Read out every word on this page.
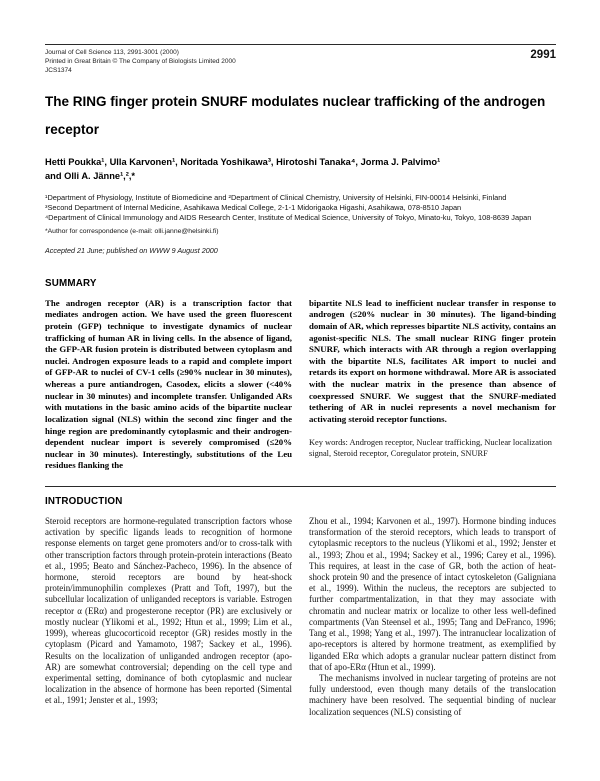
Journal of Cell Science 113, 2991-3001 (2000)
Printed in Great Britain © The Company of Biologists Limited 2000
JCS1374
2991
The RING finger protein SNURF modulates nuclear trafficking of the androgen receptor
Hetti Poukka¹, Ulla Karvonen¹, Noritada Yoshikawa³, Hirotoshi Tanaka⁴, Jorma J. Palvimo¹
and Olli A. Jänne¹,²,*
¹Department of Physiology, Institute of Biomedicine and ²Department of Clinical Chemistry, University of Helsinki, FIN-00014 Helsinki, Finland
³Second Department of Internal Medicine, Asahikawa Medical College, 2-1-1 Midorigaoka Higashi, Asahikawa, 078-8510 Japan
⁴Department of Clinical Immunology and AIDS Research Center, Institute of Medical Science, University of Tokyo, Minato-ku, Tokyo, 108-8639 Japan
*Author for correspondence (e-mail: olli.janne@helsinki.fi)
Accepted 21 June; published on WWW 9 August 2000
SUMMARY

The androgen receptor (AR) is a transcription factor that mediates androgen action. We have used the green fluorescent protein (GFP) technique to investigate dynamics of nuclear trafficking of human AR in living cells. In the absence of ligand, the GFP-AR fusion protein is distributed between cytoplasm and nuclei. Androgen exposure leads to a rapid and complete import of GFP-AR to nuclei of CV-1 cells (≥90% nuclear in 30 minutes), whereas a pure antiandrogen, Casodex, elicits a slower (<40% nuclear in 30 minutes) and incomplete transfer. Unliganded ARs with mutations in the basic amino acids of the bipartite nuclear localization signal (NLS) within the second zinc finger and the hinge region are predominantly cytoplasmic and their androgen-dependent nuclear import is severely compromised (≤20% nuclear in 30 minutes). Interestingly, substitutions of the Leu residues flanking the

bipartite NLS lead to inefficient nuclear transfer in response to androgen (≤20% nuclear in 30 minutes). The ligand-binding domain of AR, which represses bipartite NLS activity, contains an agonist-specific NLS. The small nuclear RING finger protein SNURF, which interacts with AR through a region overlapping with the bipartite NLS, facilitates AR import to nuclei and retards its export on hormone withdrawal. More AR is associated with the nuclear matrix in the presence than absence of coexpressed SNURF. We suggest that the SNURF-mediated tethering of AR in nuclei represents a novel mechanism for activating steroid receptor functions.

Key words: Androgen receptor, Nuclear trafficking, Nuclear localization signal, Steroid receptor, Coregulator protein, SNURF

INTRODUCTION

Steroid receptors are hormone-regulated transcription factors whose activation by specific ligands leads to recognition of hormone response elements on target gene promoters and/or to cross-talk with other transcription factors through protein-protein interactions (Beato et al., 1995; Beato and Sánchez-Pacheco, 1996). In the absence of hormone, steroid receptors are bound by heat-shock protein/immunophilin complexes (Pratt and Toft, 1997), but the subcellular localization of unliganded receptors is variable. Estrogen receptor α (ERα) and progesterone receptor (PR) are exclusively or mostly nuclear (Ylikomi et al., 1992; Htun et al., 1999; Lim et al., 1999), whereas glucocorticoid receptor (GR) resides mostly in the cytoplasm (Picard and Yamamoto, 1987; Sackey et al., 1996). Results on the localization of unliganded androgen receptor (apo-AR) are somewhat controversial; depending on the cell type and experimental setting, dominance of both cytoplasmic and nuclear localization in the absence of hormone has been reported (Simental et al., 1991; Jenster et al., 1993;

Zhou et al., 1994; Karvonen et al., 1997). Hormone binding induces transformation of the steroid receptors, which leads to transport of cytoplasmic receptors to the nucleus (Ylikomi et al., 1992; Jenster et al., 1993; Zhou et al., 1994; Sackey et al., 1996; Carey et al., 1996). This requires, at least in the case of GR, both the action of heat-shock protein 90 and the presence of intact cytoskeleton (Galigniana et al., 1999). Within the nucleus, the receptors are subjected to further compartmentalization, in that they may associate with chromatin and nuclear matrix or localize to other less well-defined compartments (Van Steensel et al., 1995; Tang and DeFranco, 1996; Tang et al., 1998; Yang et al., 1997). The intranuclear localization of apo-receptors is altered by hormone treatment, as exemplified by liganded ERα which adopts a granular nuclear pattern distinct from that of apo-ERα (Htun et al., 1999).

The mechanisms involved in nuclear targeting of proteins are not fully understood, even though many details of the translocation machinery have been resolved. The sequential binding of nuclear localization sequences (NLS) consisting of
